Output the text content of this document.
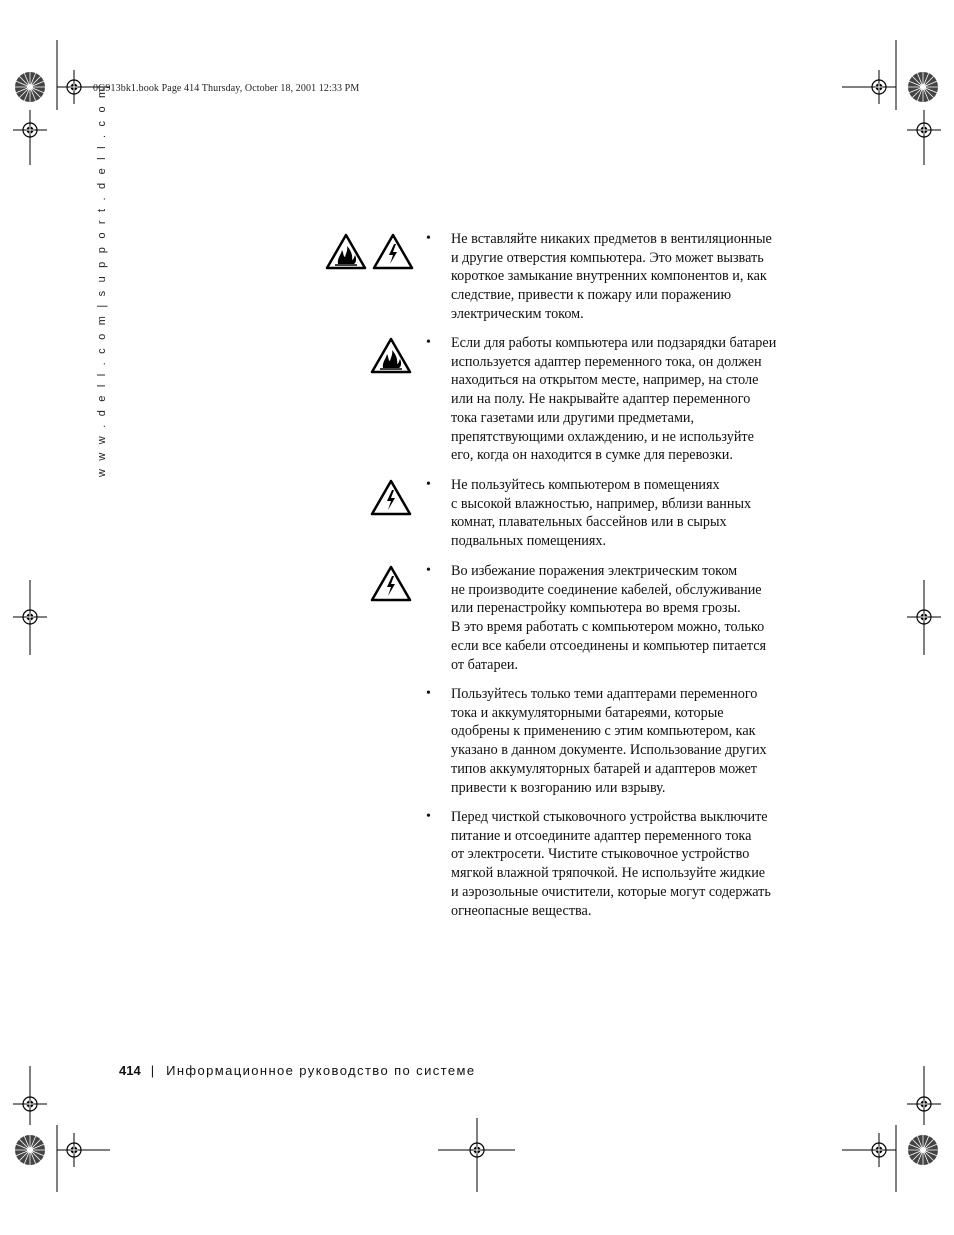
0G913bk1.book Page 414 Thursday, October 18, 2001 12:33 PM
w w w . d e l l . c o m | s u p p o r t . d e l l . c o m	• Не вставляйте никаких предметов в вентиляционные
и другие отверстия компьютера. Это может вызвать
короткое замыкание внутренних компонентов и, как
следствие, привести к пожару или поражению
электрическим током.
• Если для работы компьютера или подзарядки батареи
используется адаптер переменного тока, он должен
находиться на открытом месте, например, на столе
или на полу. Не накрывайте адаптер переменного
тока газетами или другими предметами,
препятствующими охлаждению, и не используйте
его, когда он находится в сумке для перевозки.
• Не пользуйтесь компьютером в помещениях
с высокой влажностью, например, вблизи ванных
комнат, плавательных бассейнов или в сырых
подвальных помещениях.
• Во избежание поражения электрическим током
не производите соединение кабелей, обслуживание
или перенастройку компьютера во время грозы.
В это время работать с компьютером можно, только
если все кабели отсоединены и компьютер питается
от батареи.
• Пользуйтесь только теми адаптерами переменного
тока и аккумуляторными батареями, которые
одобрены к применению с этим компьютером, как
указано в данном документе. Использование других
типов аккумуляторных батарей и адаптеров может
привести к возгоранию или взрыву.
• Перед чисткой стыковочного устройства выключите
питание и отсоедините адаптер переменного тока
от электросети. Чистите стыковочное устройство
мягкой влажной тряпочкой. Не используйте жидкие
и аэрозольные очистители, которые могут содержать
огнеопасные вещества.
414 | Информационное руководство по системе
